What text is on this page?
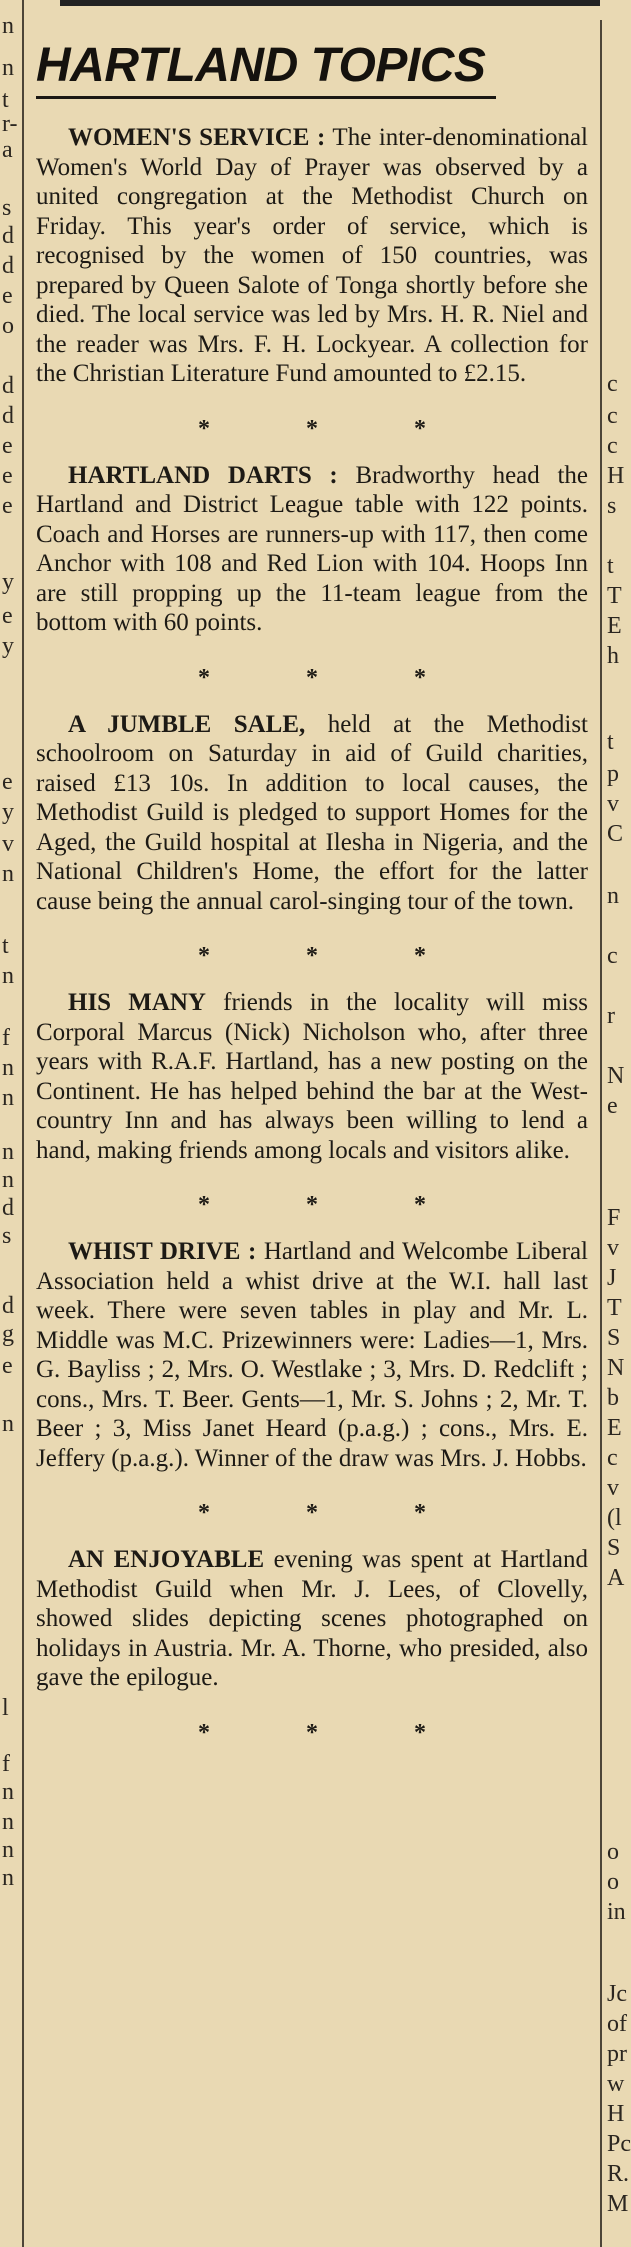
n
n
t
r-
a
s
d
d
e
o
d
d
e
e
e
y
e
y
e
y
v
n
t
n
f
n
n
n
n
d
s
d
g
e
n
l
f
n
n
n
n
c
c
c
H
s
t
T
E
h
t
p
v
C
n
c
r
N
e
F
v
J
T
S
N
b
E
c
v
(l
S
A
o
o
in
Jc
of
pr
w
H
Pc
R.
M
HARTLAND TOPICS

WOMEN'S SERVICE : The inter-denominational Women's World Day of Prayer was observed by a united congregation at the Methodist Church on Friday. This year's order of service, which is recognised by the women of 150 countries, was prepared by Queen Salote of Tonga shortly before she died. The local service was led by Mrs. H. R. Niel and the reader was Mrs. F. H. Lockyear. A collection for the Christian Literature Fund amounted to £2.15.

*	*	*

HARTLAND DARTS : Bradworthy head the Hartland and District League table with 122 points. Coach and Horses are runners-up with 117, then come Anchor with 108 and Red Lion with 104. Hoops Inn are still propping up the 11-team league from the bottom with 60 points.

*	*	*

A JUMBLE SALE, held at the Methodist schoolroom on Saturday in aid of Guild charities, raised £13 10s. In addition to local causes, the Methodist Guild is pledged to support Homes for the Aged, the Guild hospital at Ilesha in Nigeria, and the National Children's Home, the effort for the latter cause being the annual carol-singing tour of the town.

*	*	*

HIS MANY friends in the locality will miss Corporal Marcus (Nick) Nicholson who, after three years with R.A.F. Hartland, has a new posting on the Continent. He has helped behind the bar at the West-country Inn and has always been willing to lend a hand, making friends among locals and visitors alike.

*	*	*

WHIST DRIVE : Hartland and Welcombe Liberal Association held a whist drive at the W.I. hall last week. There were seven tables in play and Mr. L. Middle was M.C. Prizewinners were: Ladies—1, Mrs. G. Bayliss ; 2, Mrs. O. Westlake ; 3, Mrs. D. Redclift ; cons., Mrs. T. Beer. Gents—1, Mr. S. Johns ; 2, Mr. T. Beer ; 3, Miss Janet Heard (p.a.g.) ; cons., Mrs. E. Jeffery (p.a.g.). Winner of the draw was Mrs. J. Hobbs.

*	*	*

AN ENJOYABLE evening was spent at Hartland Methodist Guild when Mr. J. Lees, of Clovelly, showed slides depicting scenes photographed on holidays in Austria. Mr. A. Thorne, who presided, also gave the epilogue.

*	*	*
